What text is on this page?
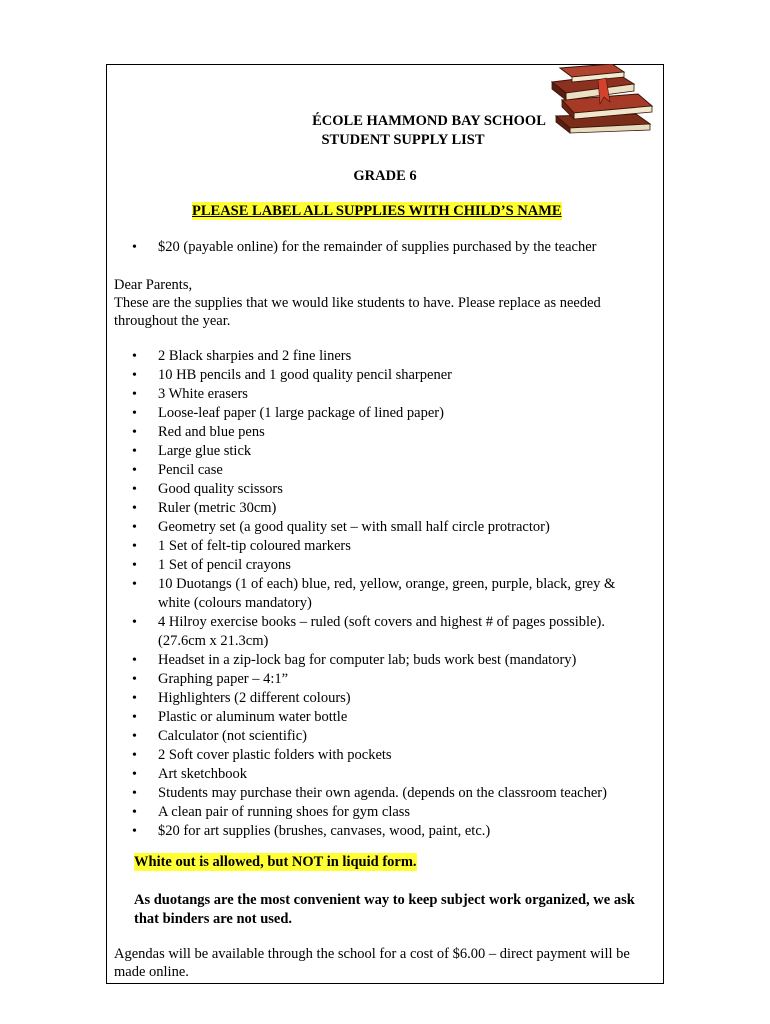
ÉCOLE HAMMOND BAY SCHOOL
STUDENT SUPPLY LIST
GRADE 6
PLEASE LABEL ALL SUPPLIES WITH CHILD’S NAME
• $20 (payable online) for the remainder of supplies purchased by the teacher
Dear Parents,
These are the supplies that we would like students to have. Please replace as needed throughout the year.
• 2 Black sharpies and 2 fine liners
• 10 HB pencils and 1 good quality pencil sharpener
• 3 White erasers
• Loose-leaf paper (1 large package of lined paper)
• Red and blue pens
• Large glue stick
• Pencil case
• Good quality scissors
• Ruler (metric 30cm)
• Geometry set (a good quality set – with small half circle protractor)
• 1 Set of felt-tip coloured markers
• 1 Set of pencil crayons
• 10 Duotangs (1 of each) blue, red, yellow, orange, green, purple, black, grey & white (colours mandatory)
• 4 Hilroy exercise books – ruled (soft covers and highest # of pages possible). (27.6cm x 21.3cm)
• Headset in a zip-lock bag for computer lab; buds work best (mandatory)
• Graphing paper – 4:1”
• Highlighters (2 different colours)
• Plastic or aluminum water bottle
• Calculator (not scientific)
• 2 Soft cover plastic folders with pockets
• Art sketchbook
• Students may purchase their own agenda. (depends on the classroom teacher)
• A clean pair of running shoes for gym class
• $20 for art supplies (brushes, canvases, wood, paint, etc.)
White out is allowed, but NOT in liquid form.
As duotangs are the most convenient way to keep subject work organized, we ask that binders are not used.
Agendas will be available through the school for a cost of $6.00 – direct payment will be made online.
